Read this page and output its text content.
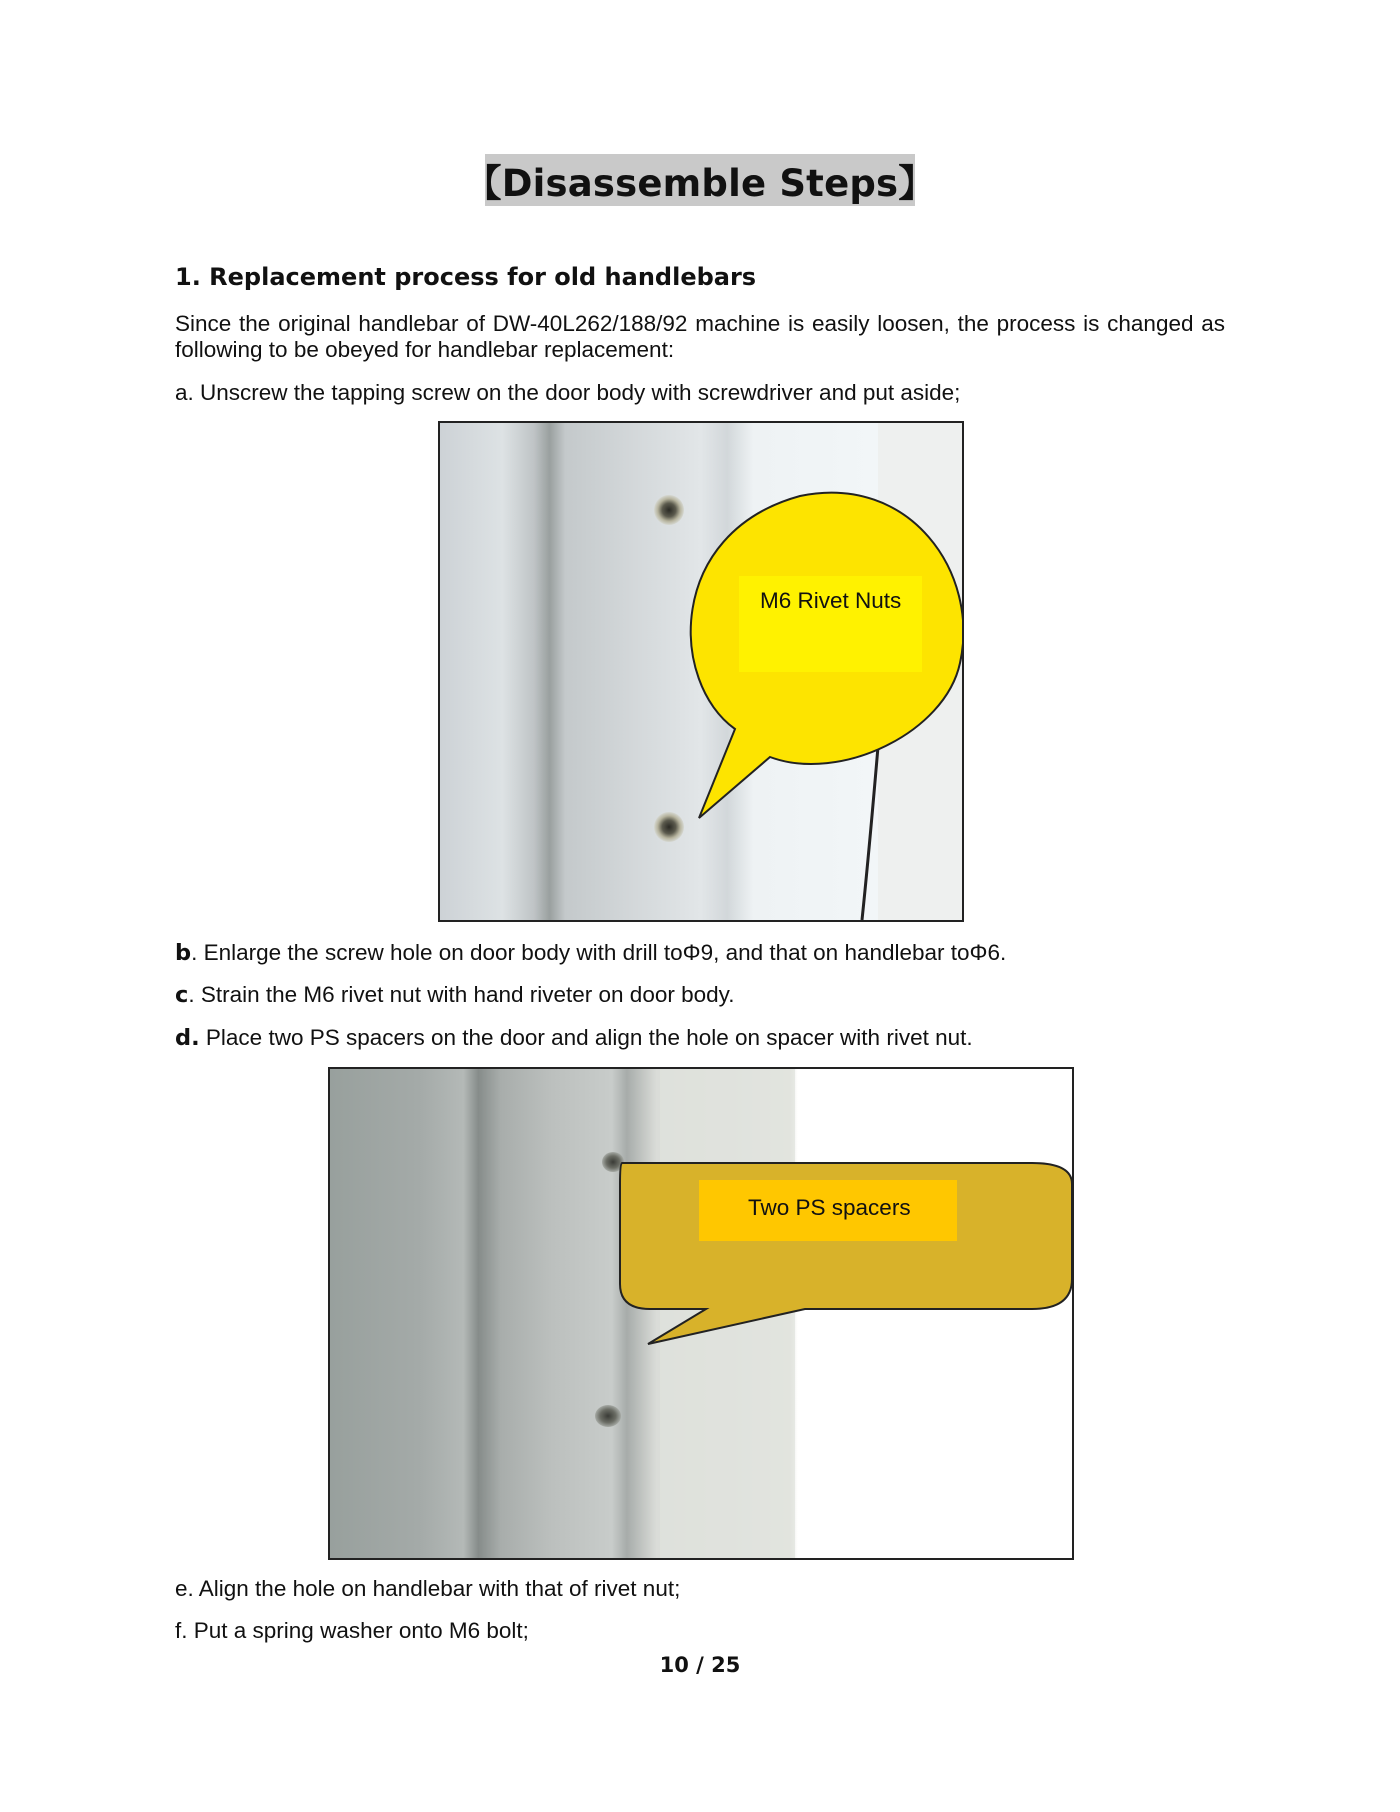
【Disassemble Steps】
1. Replacement process for old handlebars
Since the original handlebar of DW-40L262/188/92 machine is easily loosen, the process is changed as following to be obeyed for handlebar replacement:
a. Unscrew the tapping screw on the door body with screwdriver and put aside;
M6 Rivet Nuts
b. Enlarge the screw hole on door body with drill toΦ9, and that on handlebar toΦ6.
c. Strain the M6 rivet nut with hand riveter on door body.
d. Place two PS spacers on the door and align the hole on spacer with rivet nut.
Two PS spacers
e. Align the hole on handlebar with that of rivet nut;
f. Put a spring washer onto M6 bolt;
10 / 25
